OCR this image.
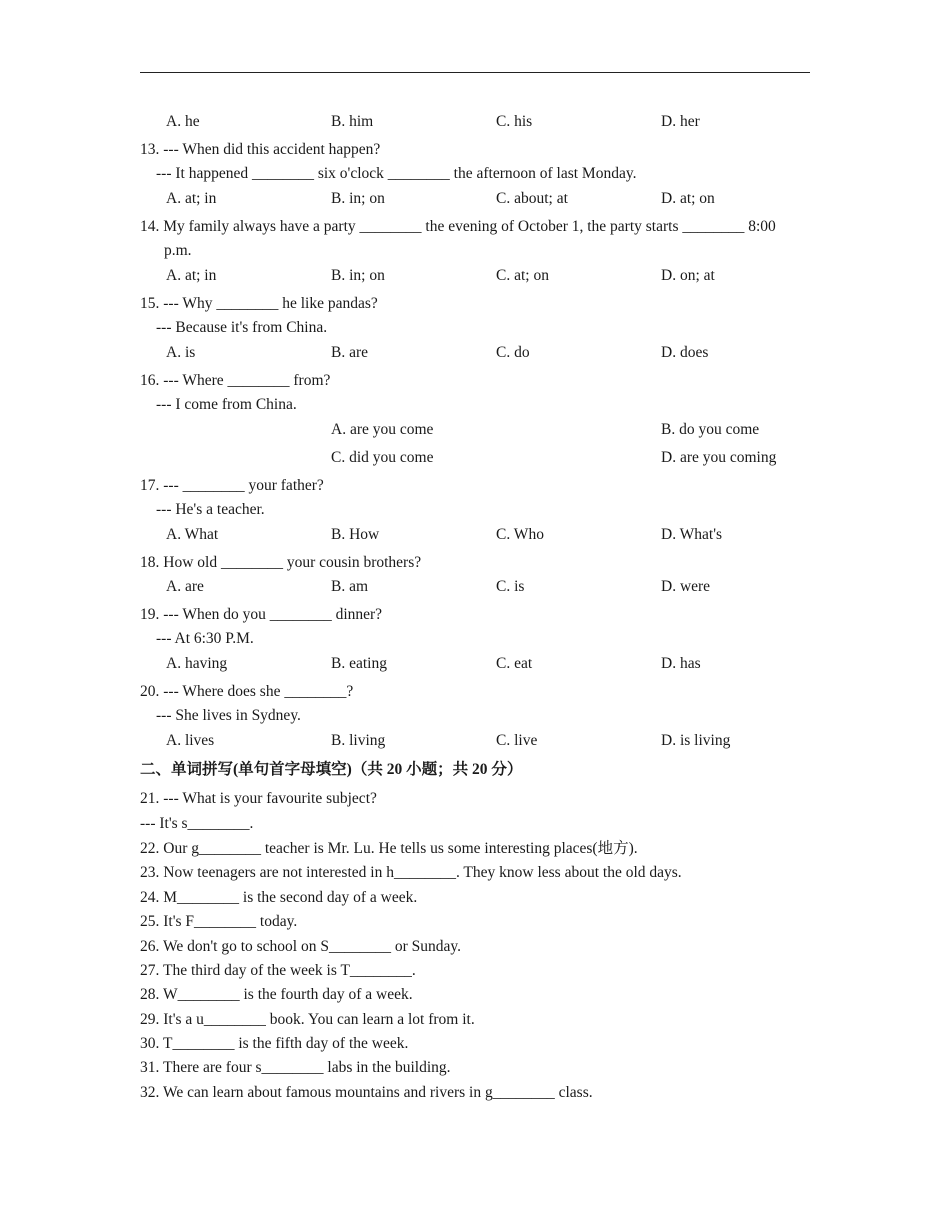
A. he	B. him	C. his	D. her
13. --- When did this accident happen?
--- It happened ________ six o'clock ________ the afternoon of last Monday.
A. at; in	B. in; on	C. about; at	D. at; on
14. My family always have a party ________ the evening of October 1, the party starts ________ 8:00
p.m.
A. at; in	B. in; on	C. at; on	D. on; at
15. --- Why ________ he like pandas?
--- Because it's from China.
A. is	B. are	C. do	D. does
16. --- Where ________ from?
--- I come from China.
A. are you come	B. do you come
C. did you come	D. are you coming
17. --- ________ your father?
--- He's a teacher.
A. What	B. How	C. Who	D. What's
18. How old ________ your cousin brothers?
A. are	B. am	C. is	D. were
19. --- When do you ________ dinner?
--- At 6:30 P.M.
A. having	B. eating	C. eat	D. has
20. --- Where does she ________?
--- She lives in Sydney.
A. lives	B. living	C. live	D. is living
二、单词拼写(单句首字母填空)（共 20 小题；共 20 分）
21. --- What is your favourite subject?
--- It's s________.
22. Our g________ teacher is Mr. Lu. He tells us some interesting places(地方).
23. Now teenagers are not interested in h________. They know less about the old days.
24. M________ is the second day of a week.
25. It's F________ today.
26. We don't go to school on S________ or Sunday.
27. The third day of the week is T________.
28. W________ is the fourth day of a week.
29. It's a u________ book. You can learn a lot from it.
30. T________ is the fifth day of the week.
31. There are four s________ labs in the building.
32. We can learn about famous mountains and rivers in g________ class.
